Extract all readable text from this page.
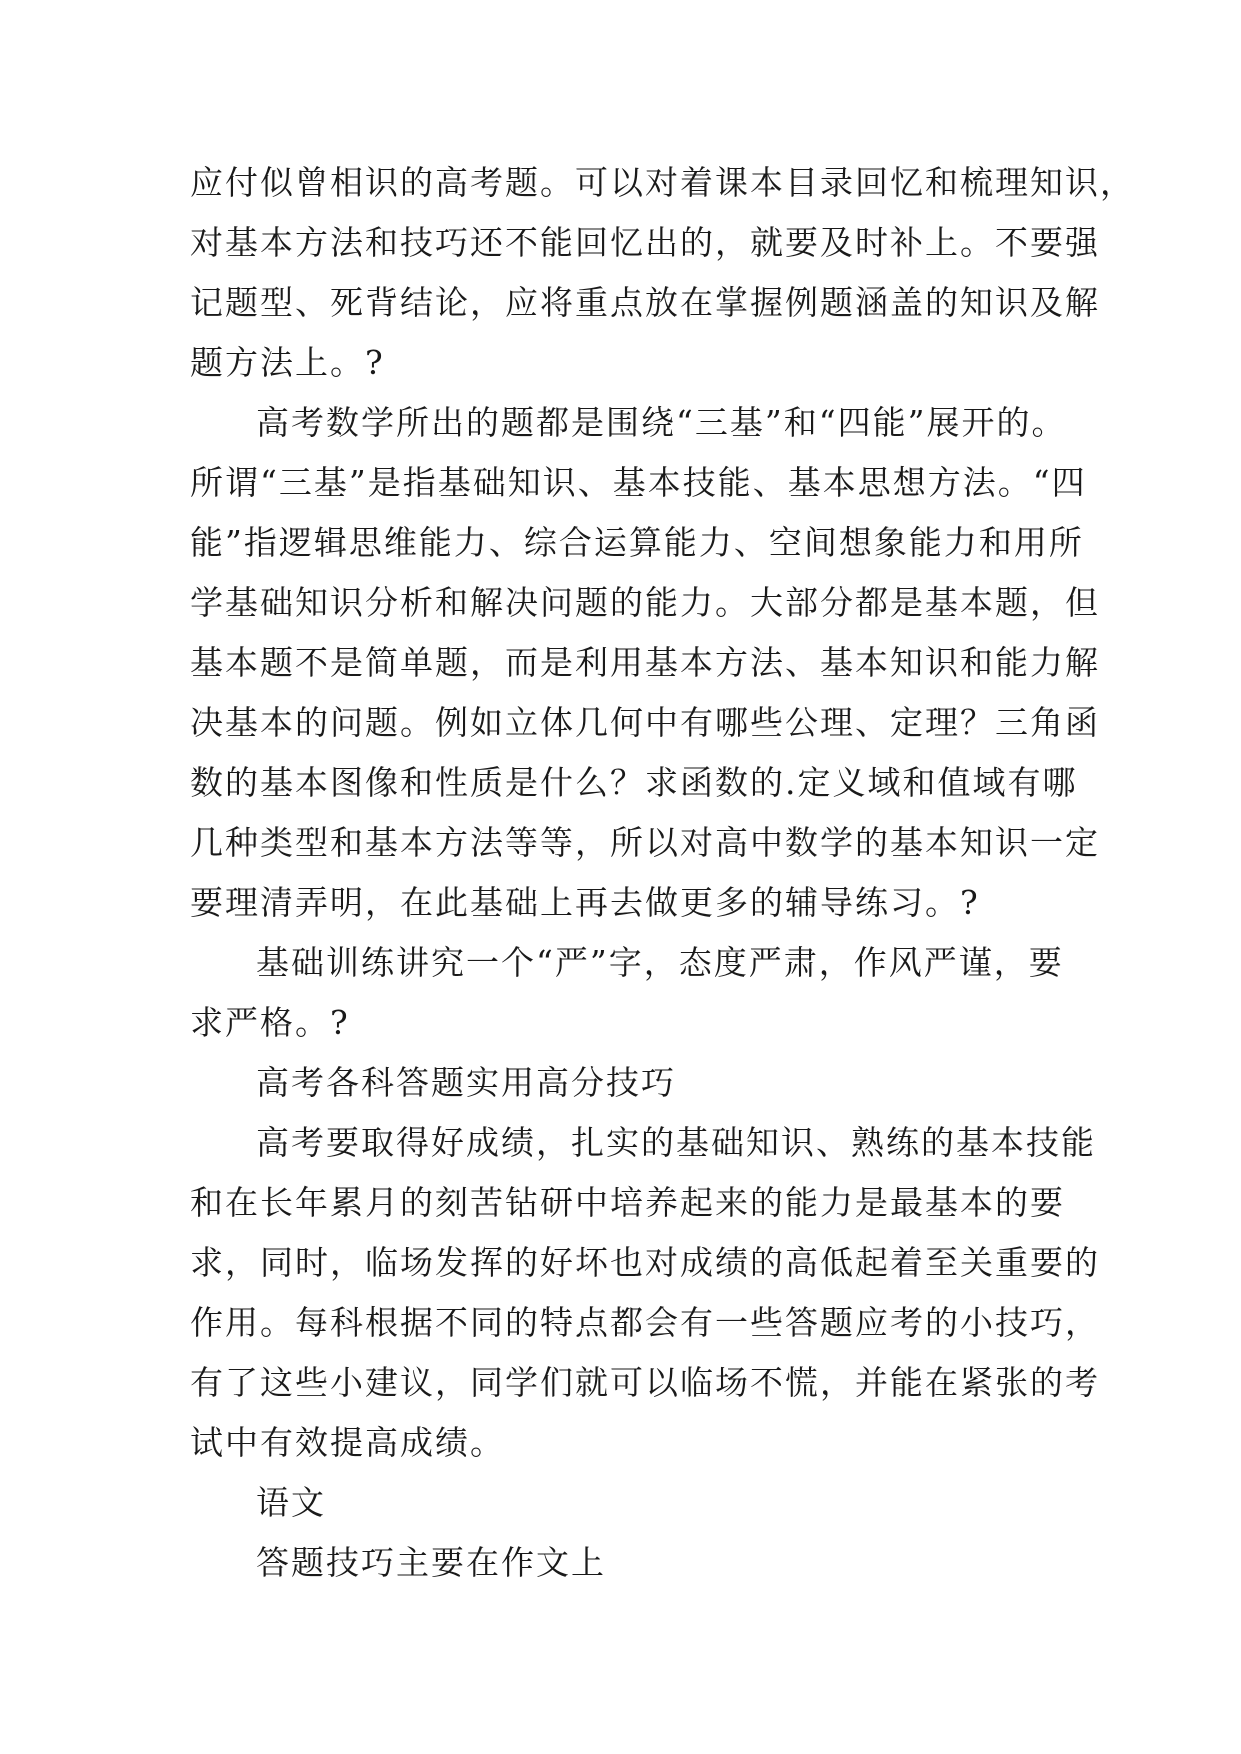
应付似曾相识的高考题。可以对着课本目录回忆和梳理知识，
对基本方法和技巧还不能回忆出的，就要及时补上。不要强
记题型、死背结论，应将重点放在掌握例题涵盖的知识及解
题方法上。?
高考数学所出的题都是围绕“三基”和“四能”展开的。
所谓“三基”是指基础知识、基本技能、基本思想方法。“四
能”指逻辑思维能力、综合运算能力、空间想象能力和用所
学基础知识分析和解决问题的能力。大部分都是基本题，但
基本题不是简单题，而是利用基本方法、基本知识和能力解
决基本的问题。例如立体几何中有哪些公理、定理？三角函
数的基本图像和性质是什么？求函数的.定义域和值域有哪
几种类型和基本方法等等，所以对高中数学的基本知识一定
要理清弄明，在此基础上再去做更多的辅导练习。?
基础训练讲究一个“严”字，态度严肃，作风严谨，要
求严格。?
高考各科答题实用高分技巧
高考要取得好成绩，扎实的基础知识、熟练的基本技能
和在长年累月的刻苦钻研中培养起来的能力是最基本的要
求，同时，临场发挥的好坏也对成绩的高低起着至关重要的
作用。每科根据不同的特点都会有一些答题应考的小技巧，
有了这些小建议，同学们就可以临场不慌，并能在紧张的考
试中有效提高成绩。
语文
答题技巧主要在作文上
